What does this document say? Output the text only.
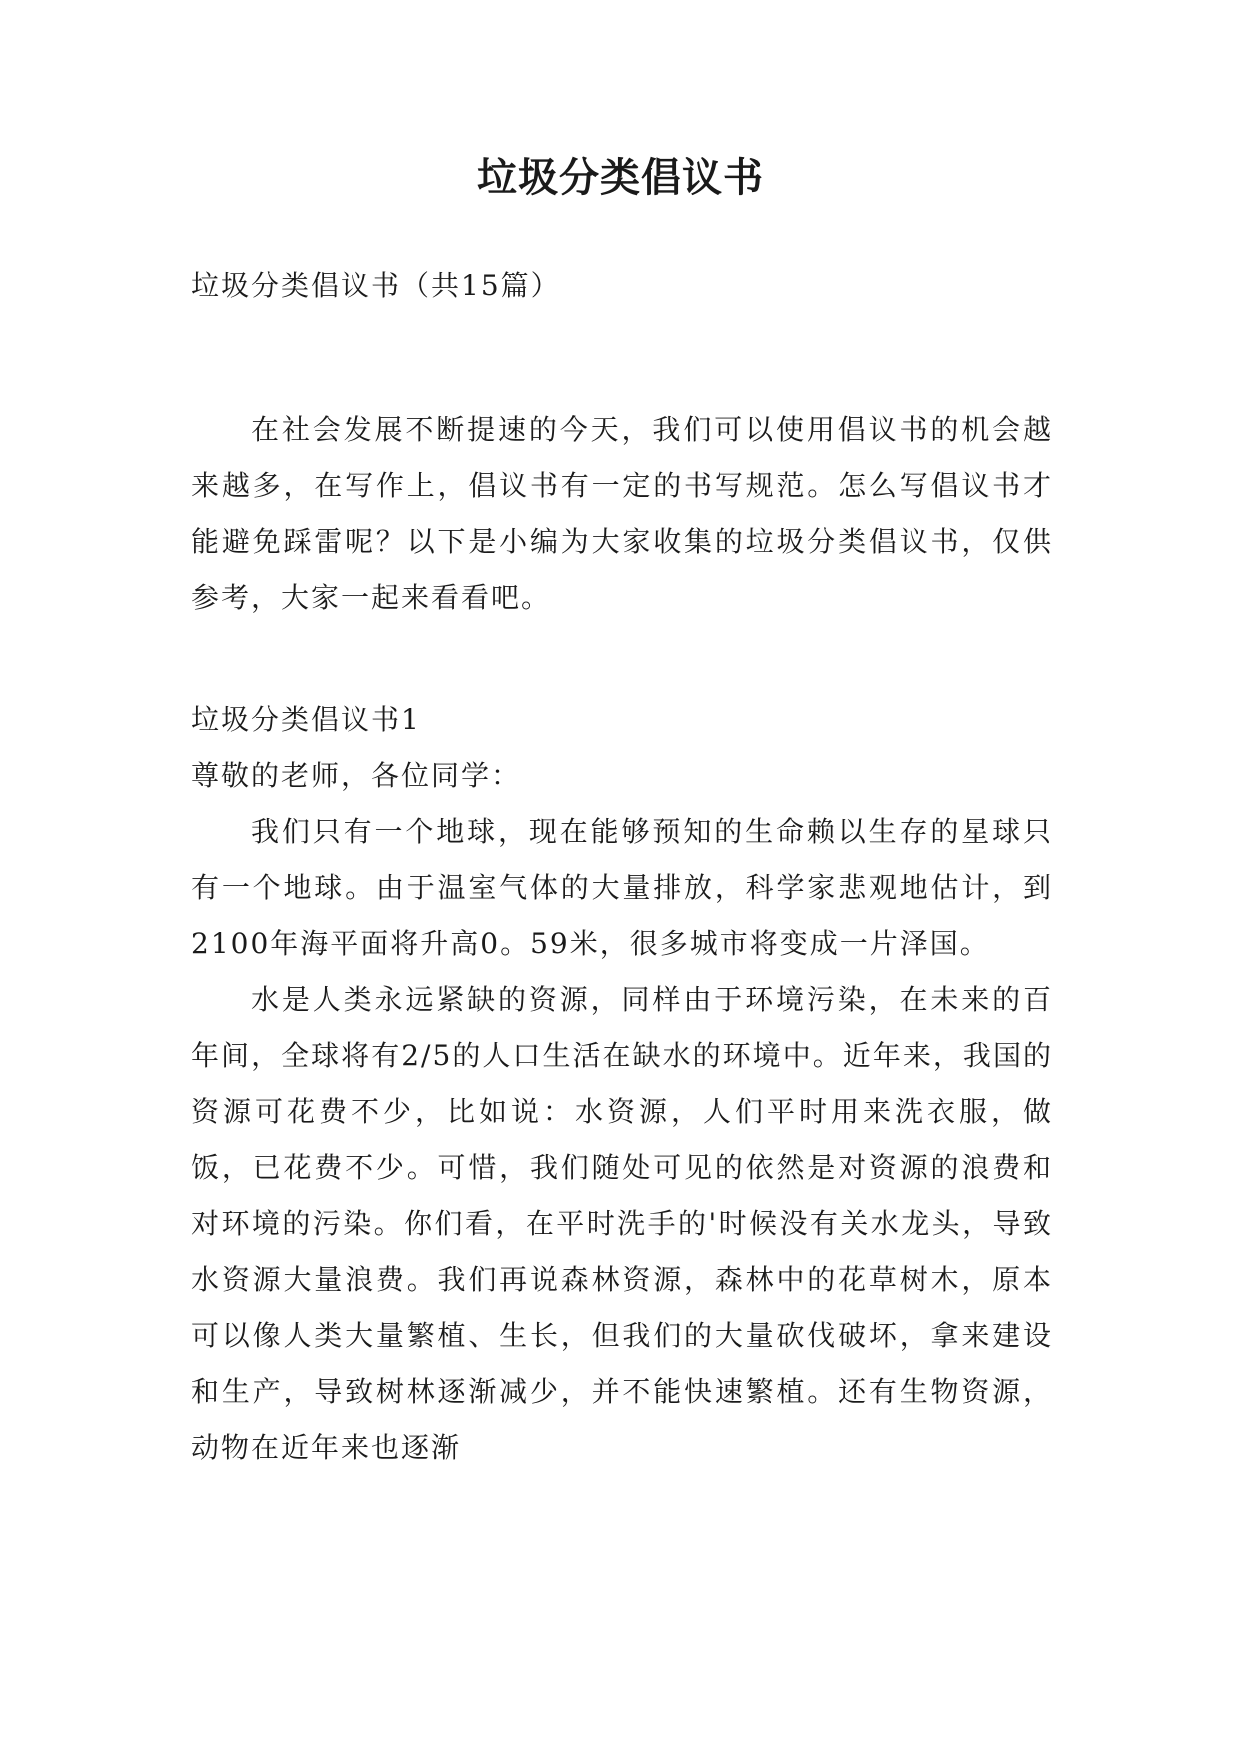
垃圾分类倡议书

垃圾分类倡议书（共15篇）

在社会发展不断提速的今天，我们可以使用倡议书的机会越来越多，在写作上，倡议书有一定的书写规范。怎么写倡议书才能避免踩雷呢？以下是小编为大家收集的垃圾分类倡议书，仅供参考，大家一起来看看吧。

垃圾分类倡议书1

尊敬的老师，各位同学：

我们只有一个地球，现在能够预知的生命赖以生存的星球只有一个地球。由于温室气体的大量排放，科学家悲观地估计，到2100年海平面将升高0。59米，很多城市将变成一片泽国。

水是人类永远紧缺的资源，同样由于环境污染，在未来的百年间，全球将有2/5的人口生活在缺水的环境中。近年来，我国的资源可花费不少，比如说：水资源，人们平时用来洗衣服，做饭，已花费不少。可惜，我们随处可见的依然是对资源的浪费和对环境的污染。你们看，在平时洗手的'时候没有关水龙头，导致水资源大量浪费。我们再说森林资源，森林中的花草树木，原本可以像人类大量繁植、生长，但我们的大量砍伐破坏，拿来建设和生产，导致树林逐渐减少，并不能快速繁植。还有生物资源，动物在近年来也逐渐
